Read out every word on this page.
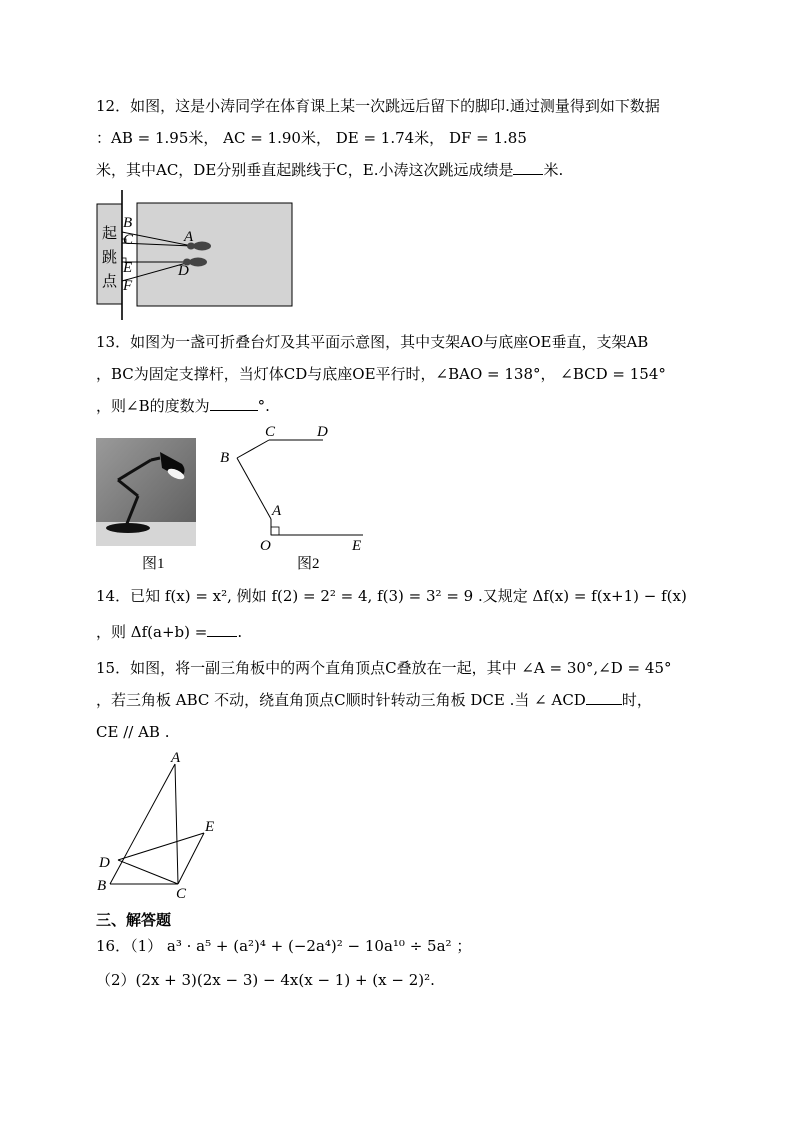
12．如图，这是小涛同学在体育课上某一次跳远后留下的脚印.通过测量得到如下数据
：AB = 1.95米， AC = 1.90米， DE = 1.74米， DF = 1.85
米，其中AC，DE分别垂直起跳线于C，E.小涛这次跳远成绩是 米.
起
跳
点
B
C
E
F
A
D
13．如图为一盏可折叠台灯及其平面示意图，其中支架AO与底座OE垂直，支架AB
，BC为固定支撑杆，当灯体CD与底座OE平行时，∠BAO = 138°， ∠BCD = 154°
，则∠B的度数为	°.
图1
B
C	D
A
O	E
图2
14．已知 f(x) = x², 例如 f(2) = 2² = 4, f(3) = 3² = 9 .又规定 Δf(x) = f(x+1) − f(x)
，则 Δf(a+b) = .
15．如图，将一副三角板中的两个直角顶点C叠放在一起，其中 ∠A = 30°,∠D = 45°
，若三角板 ABC 不动，绕直角顶点C顺时针转动三角板 DCE .当 ∠ ACD 时，
CE // AB .
A
E
D
B	C
三、解答题
16．（1） a³ · a⁵ + (a²)⁴ + (−2a⁴)² − 10a¹⁰ ÷ 5a² ；
（2）(2x + 3)(2x − 3) − 4x(x − 1) + (x − 2)².
